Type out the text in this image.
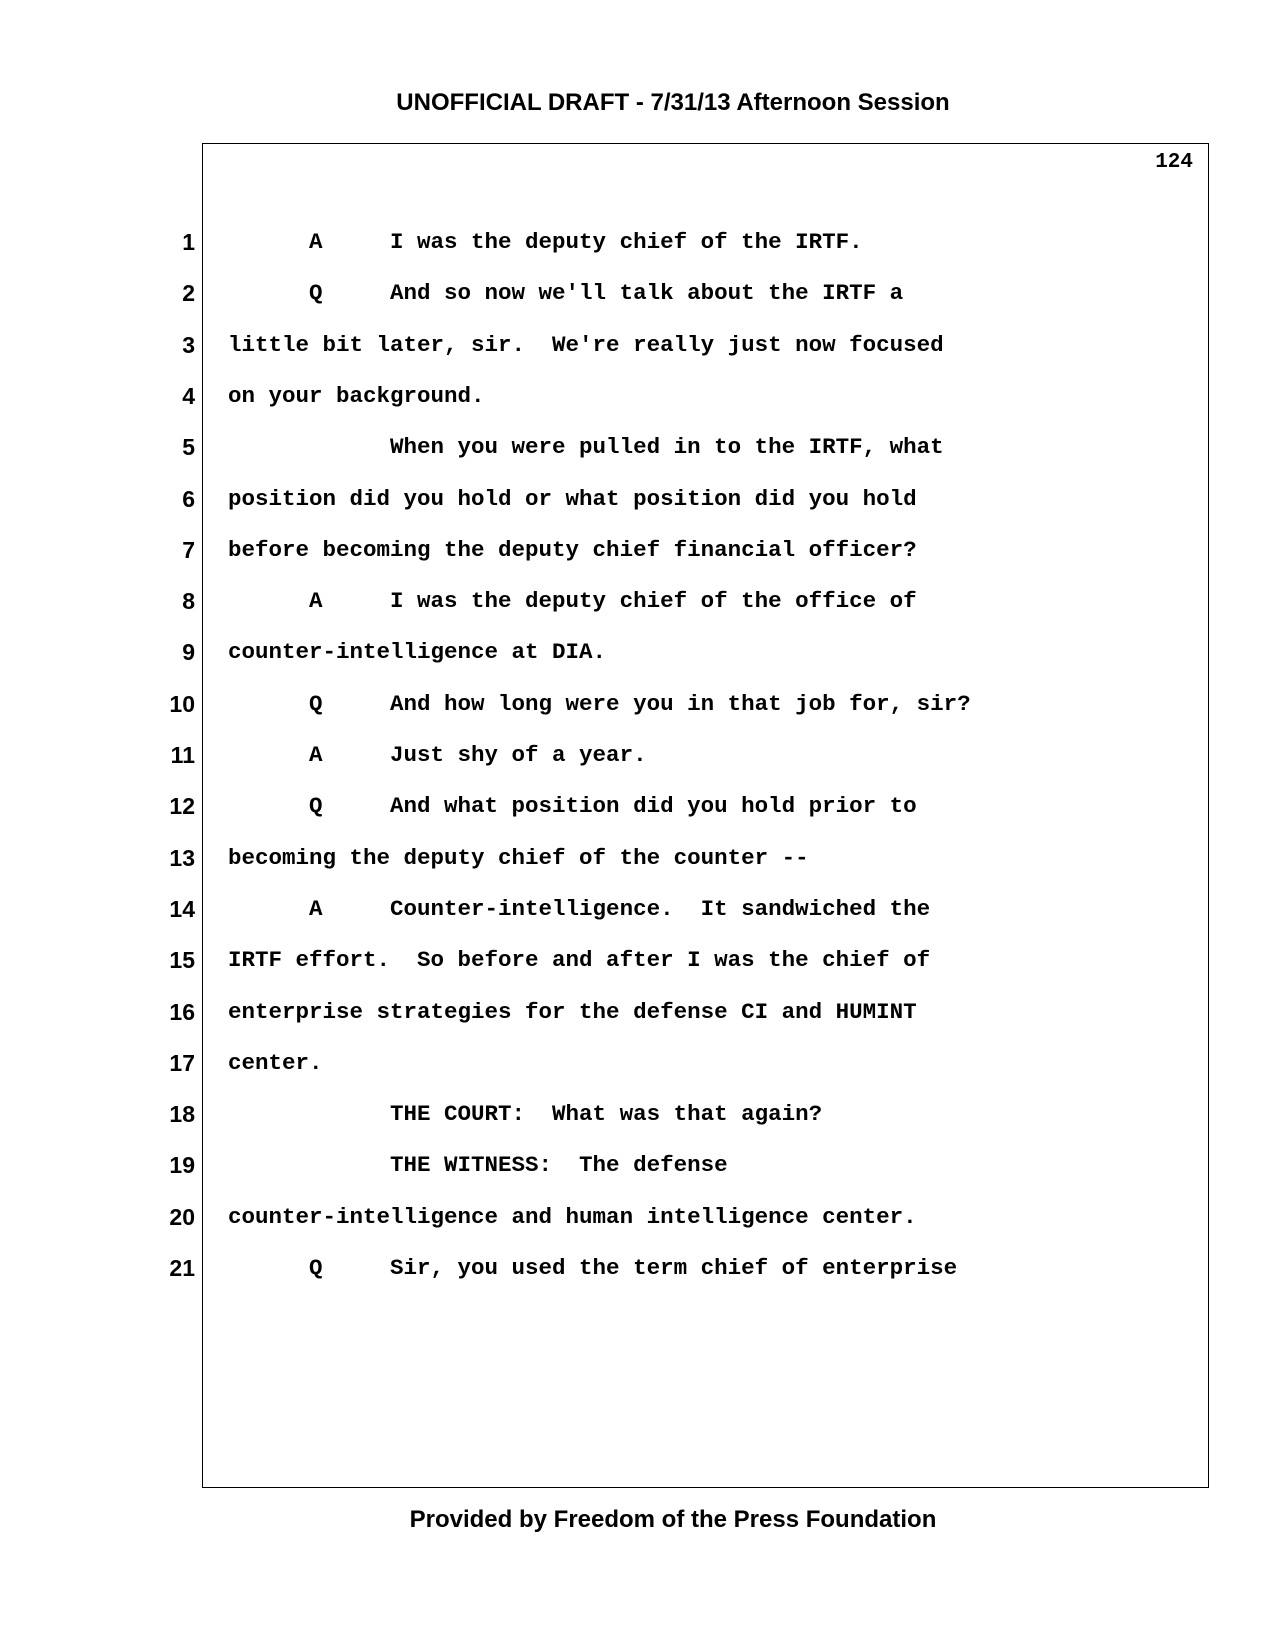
UNOFFICIAL DRAFT - 7/31/13 Afternoon Session
124
1 A     I was the deputy chief of the IRTF.
2 Q     And so now we'll talk about the IRTF a
3 little bit later, sir.  We're really just now focused
4 on your background.
5 When you were pulled in to the IRTF, what
6 position did you hold or what position did you hold
7 before becoming the deputy chief financial officer?
8 A     I was the deputy chief of the office of
9 counter-intelligence at DIA.
10 Q     And how long were you in that job for, sir?
11 A     Just shy of a year.
12 Q     And what position did you hold prior to
13 becoming the deputy chief of the counter --
14 A     Counter-intelligence.  It sandwiched the
15 IRTF effort.  So before and after I was the chief of
16 enterprise strategies for the defense CI and HUMINT
17 center.
18 THE COURT:  What was that again?
19 THE WITNESS:  The defense
20 counter-intelligence and human intelligence center.
21 Q     Sir, you used the term chief of enterprise
Provided by Freedom of the Press Foundation
